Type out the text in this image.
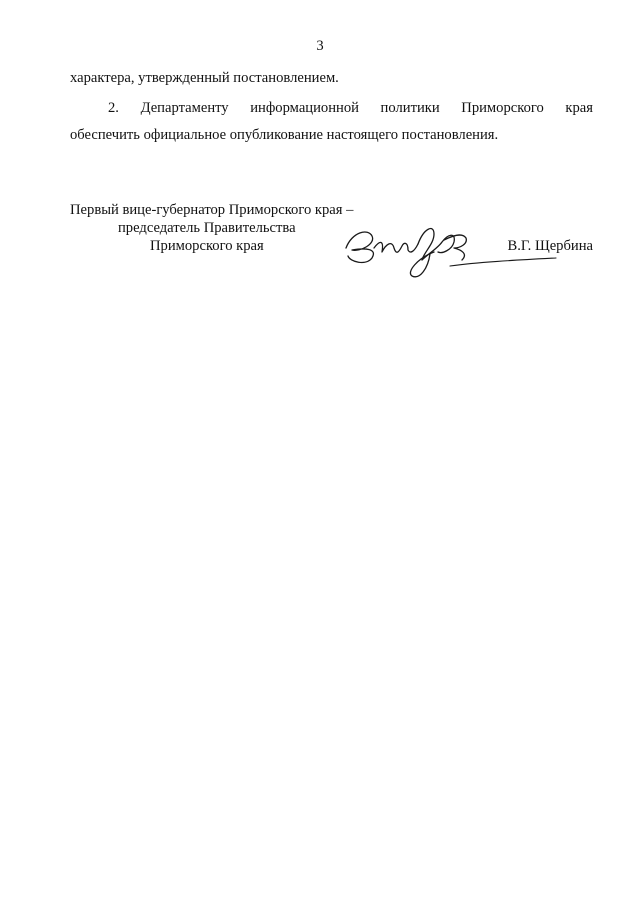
3
характера, утвержденный постановлением.
2. Департаменту информационной политики Приморского края
обеспечить официальное опубликование настоящего постановления.
Первый вице-губернатор Приморского края –
председатель Правительства
Приморского края	В.Г. Щербина
